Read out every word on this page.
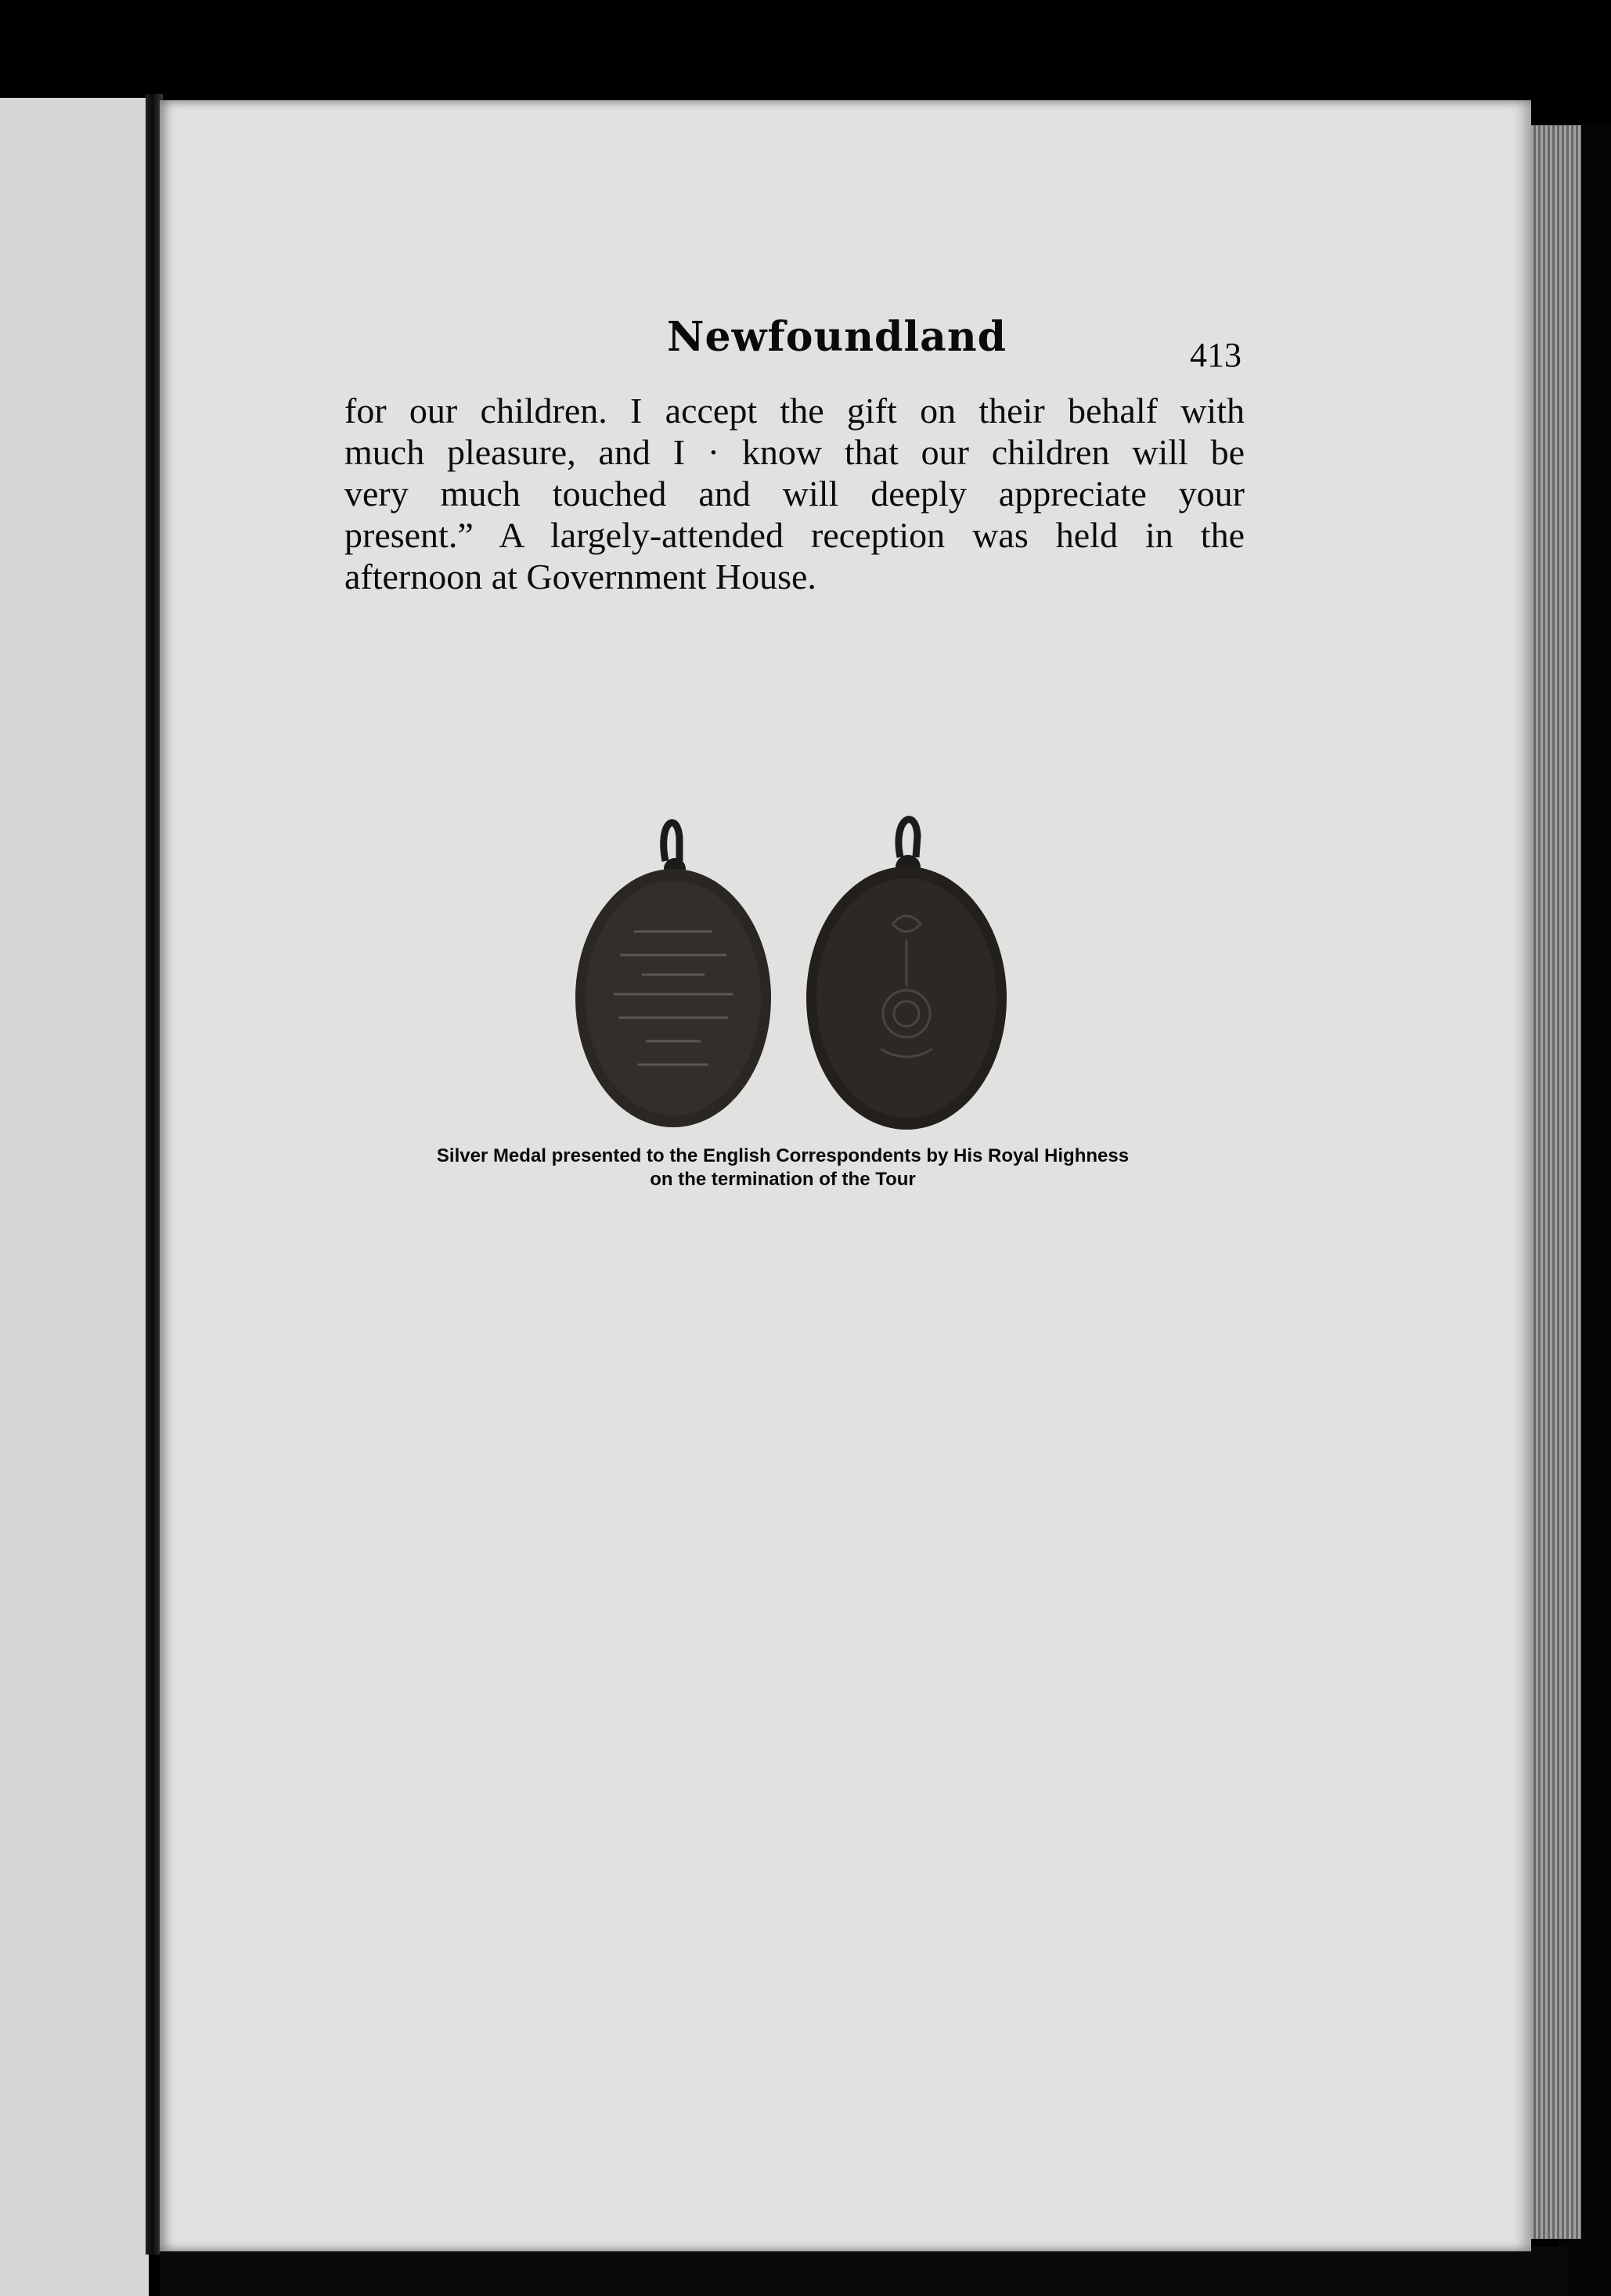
Newfoundland	413
for our children. I accept the gift on their behalf with
much pleasure, and I · know that our children will be
very much touched and will deeply appreciate your
present.” A largely-attended reception was held in the
afternoon at Government House.
Silver Medal presented to the English Correspondents by His Royal Highness
on the termination of the Tour
